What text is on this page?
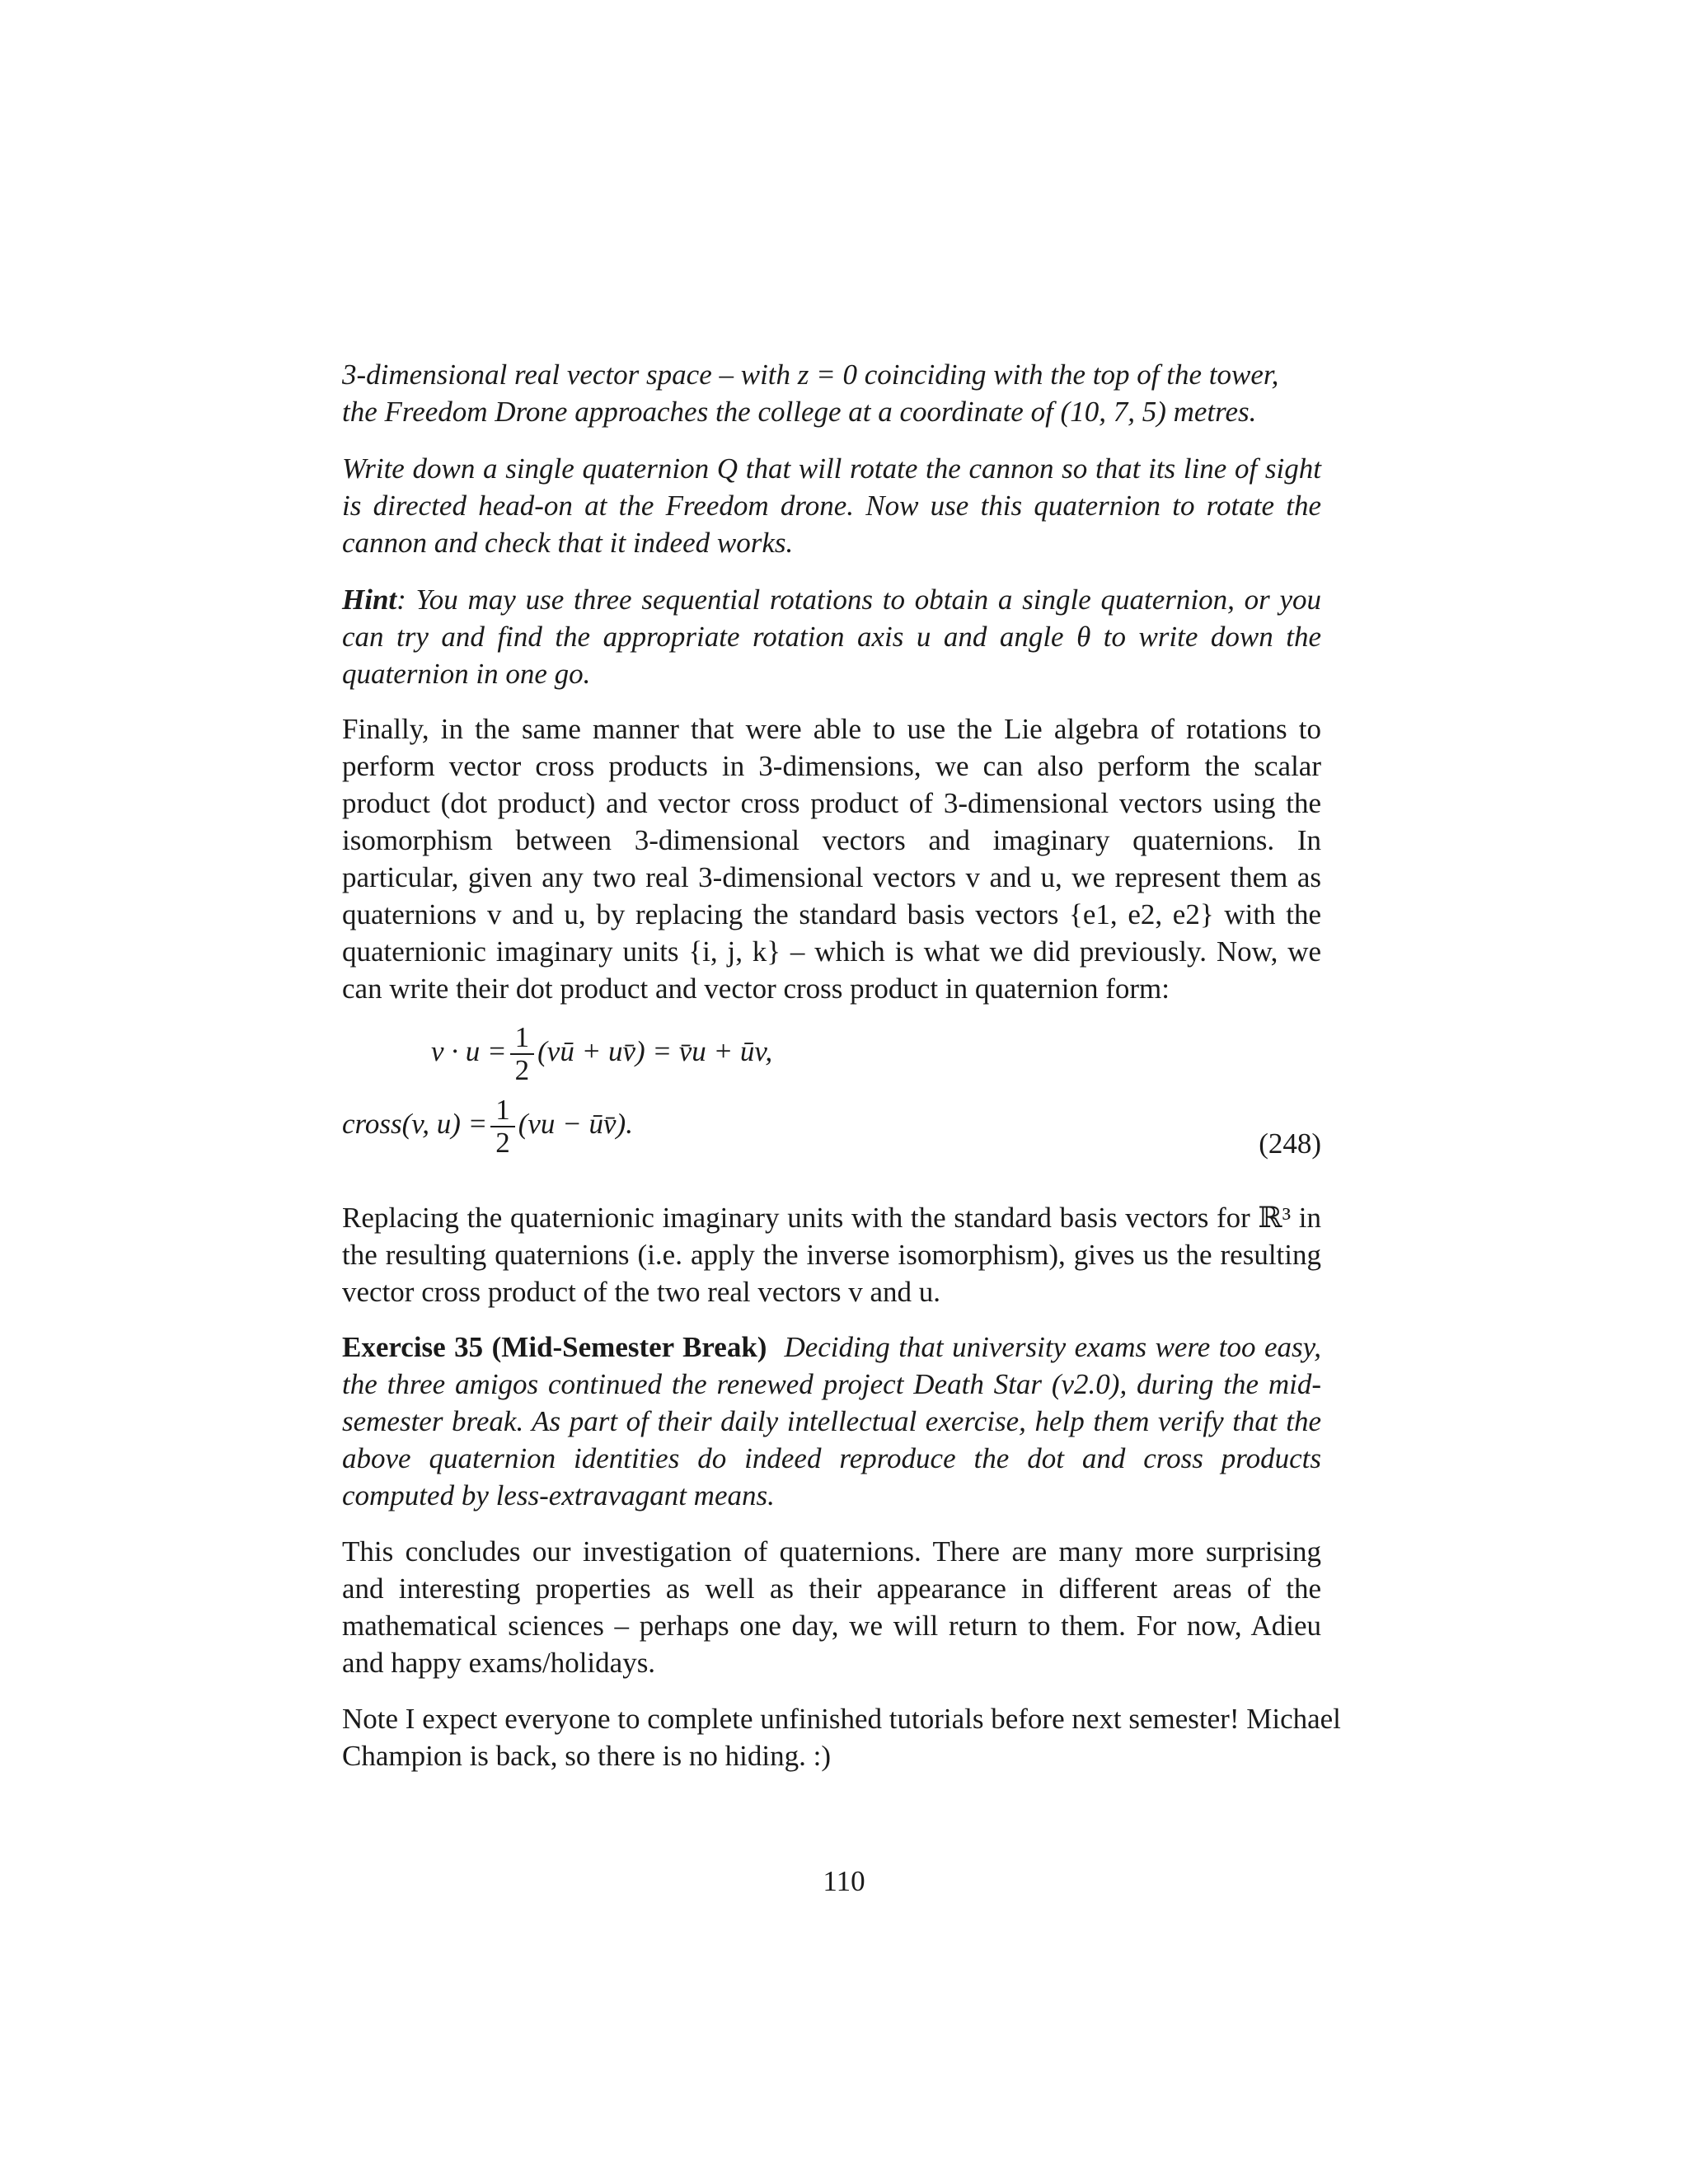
3-dimensional real vector space – with z = 0 coinciding with the top of the tower,

the Freedom Drone approaches the college at a coordinate of (10, 7, 5) metres.

Write down a single quaternion Q that will rotate the cannon so that its line of sight is directed head-on at the Freedom drone. Now use this quaternion to rotate the cannon and check that it indeed works.

Hint: You may use three sequential rotations to obtain a single quaternion, or you can try and find the appropriate rotation axis u and angle θ to write down the quaternion in one go.

Finally, in the same manner that were able to use the Lie algebra of rotations to perform vector cross products in 3-dimensions, we can also perform the scalar product (dot product) and vector cross product of 3-dimensional vectors using the isomorphism between 3-dimensional vectors and imaginary quaternions. In particular, given any two real 3-dimensional vectors v and u, we represent them as quaternions v and u, by replacing the standard basis vectors {e1, e2, e2} with the quaternionic imaginary units {i, j, k} – which is what we did previously. Now, we can write their dot product and vector cross product in quaternion form:

$v \cdot u = \frac{1}{2}$ (vū + uv̄) = v̄u + ūv,
cross(v, $u) = \frac{1}{2} (vu$ − ūv̄).
(248)

Replacing the quaternionic imaginary units with the standard basis vectors for ℝ³ in the resulting quaternions (i.e. apply the inverse isomorphism), gives us the resulting vector cross product of the two real vectors v and u.

Exercise 35 (Mid-Semester Break) Deciding that university exams were too easy, the three amigos continued the renewed project Death Star (v2.0), during the mid-semester break. As part of their daily intellectual exercise, help them verify that the above quaternion identities do indeed reproduce the dot and cross products computed by less-extravagant means.

This concludes our investigation of quaternions. There are many more surprising and interesting properties as well as their appearance in different areas of the mathematical sciences – perhaps one day, we will return to them. For now, Adieu and happy exams/holidays.

Note I expect everyone to complete unfinished tutorials before next semester! Michael Champion is back, so there is no hiding. :)

110
